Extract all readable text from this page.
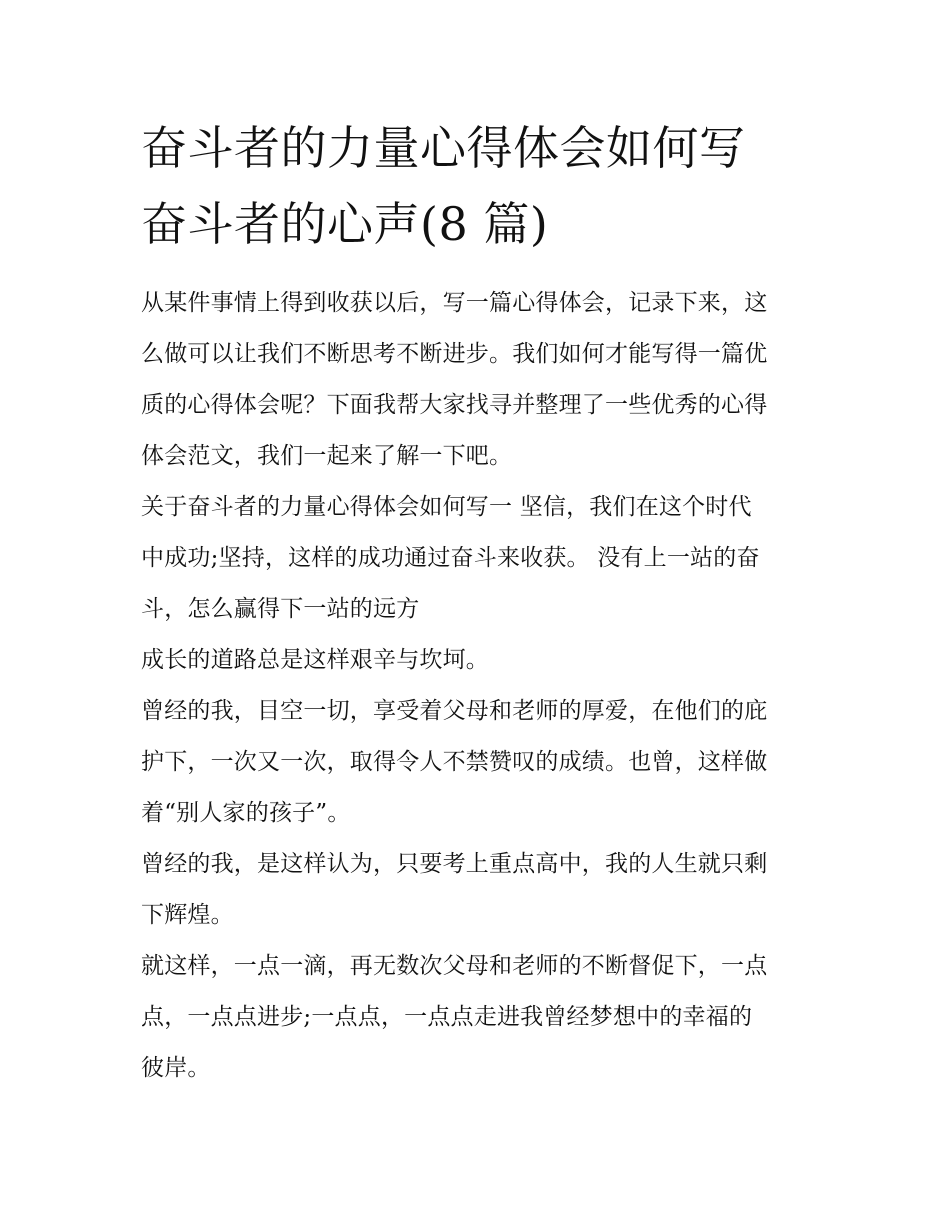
奋斗者的力量心得体会如何写
奋斗者的心声(8 篇)

从某件事情上得到收获以后，写一篇心得体会，记录下来，这
么做可以让我们不断思考不断进步。我们如何才能写得一篇优
质的心得体会呢？下面我帮大家找寻并整理了一些优秀的心得
体会范文，我们一起来了解一下吧。

关于奋斗者的力量心得体会如何写一 坚信，我们在这个时代
中成功;坚持，这样的成功通过奋斗来收获。 没有上一站的奋
斗，怎么赢得下一站的远方

成长的道路总是这样艰辛与坎坷。

曾经的我，目空一切，享受着父母和老师的厚爱，在他们的庇
护下，一次又一次，取得令人不禁赞叹的成绩。也曾，这样做
着“别人家的孩子”。

曾经的我，是这样认为，只要考上重点高中，我的人生就只剩
下辉煌。

就这样，一点一滴，再无数次父母和老师的不断督促下，一点
点，一点点进步;一点点，一点点走进我曾经梦想中的幸福的
彼岸。
